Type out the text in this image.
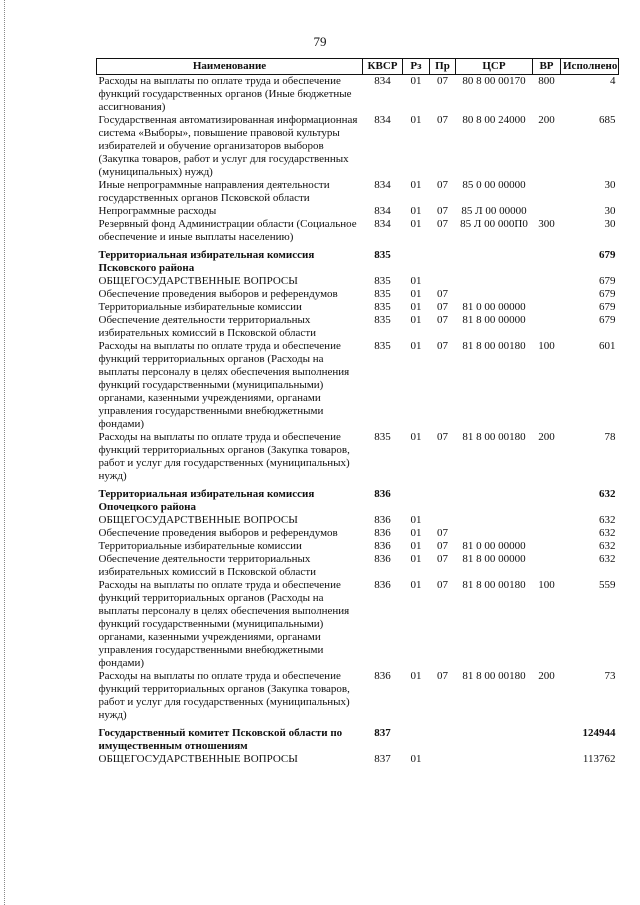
79
Наименование	КВСР	Рз	Пр	ЦСР	ВР	Исполнено
Расходы на выплаты по оплате труда и обеспечение функций государственных органов (Иные бюджетные ассигнования)	834	01	07	80 8 00 00170	800	4
Государственная автоматизированная информационная система «Выборы», повышение правовой культуры избирателей и обучение организаторов выборов (Закупка товаров, работ и услуг для государственных (муниципальных) нужд)	834	01	07	80 8 00 24000	200	685
Иные непрограммные направления деятельности государственных органов Псковской области	834	01	07	85 0 00 00000		30
Непрограммные расходы	834	01	07	85 Л 00 00000		30
Резервный фонд Администрации области (Социальное обеспечение и иные выплаты населению)	834	01	07	85 Л 00 000П0	300	30
Территориальная избирательная комиссия Псковского района	835					679
ОБЩЕГОСУДАРСТВЕННЫЕ ВОПРОСЫ	835	01				679
Обеспечение проведения выборов и референдумов	835	01	07			679
Территориальные избирательные комиссии	835	01	07	81 0 00 00000		679
Обеспечение деятельности территориальных избирательных комиссий в Псковской области	835	01	07	81 8 00 00000		679
Расходы на выплаты по оплате труда и обеспечение функций территориальных органов (Расходы на выплаты персоналу в целях обеспечения выполнения функций государственными (муниципальными) органами, казенными учреждениями, органами управления государственными внебюджетными фондами)	835	01	07	81 8 00 00180	100	601
Расходы на выплаты по оплате труда и обеспечение функций территориальных органов (Закупка товаров, работ и услуг для государственных (муниципальных) нужд)	835	01	07	81 8 00 00180	200	78
Территориальная избирательная комиссия Опочецкого района	836					632
ОБЩЕГОСУДАРСТВЕННЫЕ ВОПРОСЫ	836	01				632
Обеспечение проведения выборов и референдумов	836	01	07			632
Территориальные избирательные комиссии	836	01	07	81 0 00 00000		632
Обеспечение деятельности территориальных избирательных комиссий в Псковской области	836	01	07	81 8 00 00000		632
Расходы на выплаты по оплате труда и обеспечение функций территориальных органов (Расходы на выплаты персоналу в целях обеспечения выполнения функций государственными (муниципальными) органами, казенными учреждениями, органами управления государственными внебюджетными фондами)	836	01	07	81 8 00 00180	100	559
Расходы на выплаты по оплате труда и обеспечение функций территориальных органов (Закупка товаров, работ и услуг для государственных (муниципальных) нужд)	836	01	07	81 8 00 00180	200	73
Государственный комитет Псковской области по имущественным отношениям	837					124944
ОБЩЕГОСУДАРСТВЕННЫЕ ВОПРОСЫ	837	01				113762
